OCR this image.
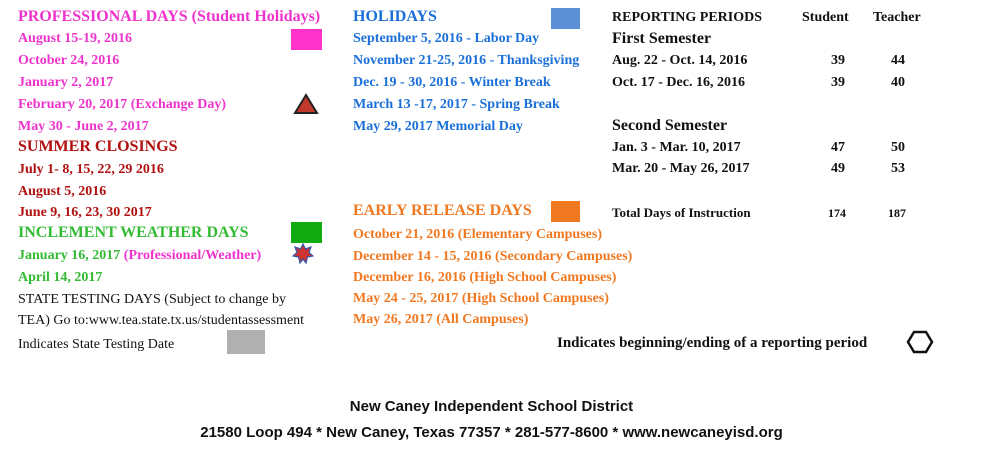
PROFESSIONAL DAYS (Student Holidays)
August 15-19, 2016
October 24, 2016
January 2, 2017
February 20, 2017 (Exchange Day)
May 30 - June 2, 2017
SUMMER CLOSINGS
July 1- 8, 15, 22, 29 2016
August 5, 2016
June 9, 16, 23, 30 2017
INCLEMENT WEATHER DAYS
January 16, 2017 (Professional/Weather)
April 14, 2017
STATE TESTING DAYS (Subject to change by
TEA) Go to:www.tea.state.tx.us/studentassessment
Indicates State Testing Date
HOLIDAYS
September 5, 2016 - Labor Day
November 21-25, 2016 - Thanksgiving
Dec. 19 - 30, 2016 - Winter Break
March 13 -17, 2017 - Spring Break
May 29, 2017 Memorial Day
EARLY RELEASE DAYS
October 21, 2016 (Elementary Campuses)
December 14 - 15, 2016 (Secondary Campuses)
December 16, 2016 (High School Campuses)
May 24 - 25, 2017 (High School Campuses)
May 26, 2017 (All Campuses)
REPORTING PERIODS	Student Teacher
First Semester
Aug. 22 - Oct. 14, 2016	39	44
Oct. 17 - Dec. 16, 2016	39	40
Second Semester
Jan. 3 - Mar. 10, 2017	47	50
Mar. 20 - May 26, 2017	49	53
Total Days of Instruction	174	187
Indicates beginning/ending of a reporting period
New Caney Independent School District
21580 Loop 494 * New Caney, Texas 77357 * 281-577-8600 * www.newcaneyisd.org
